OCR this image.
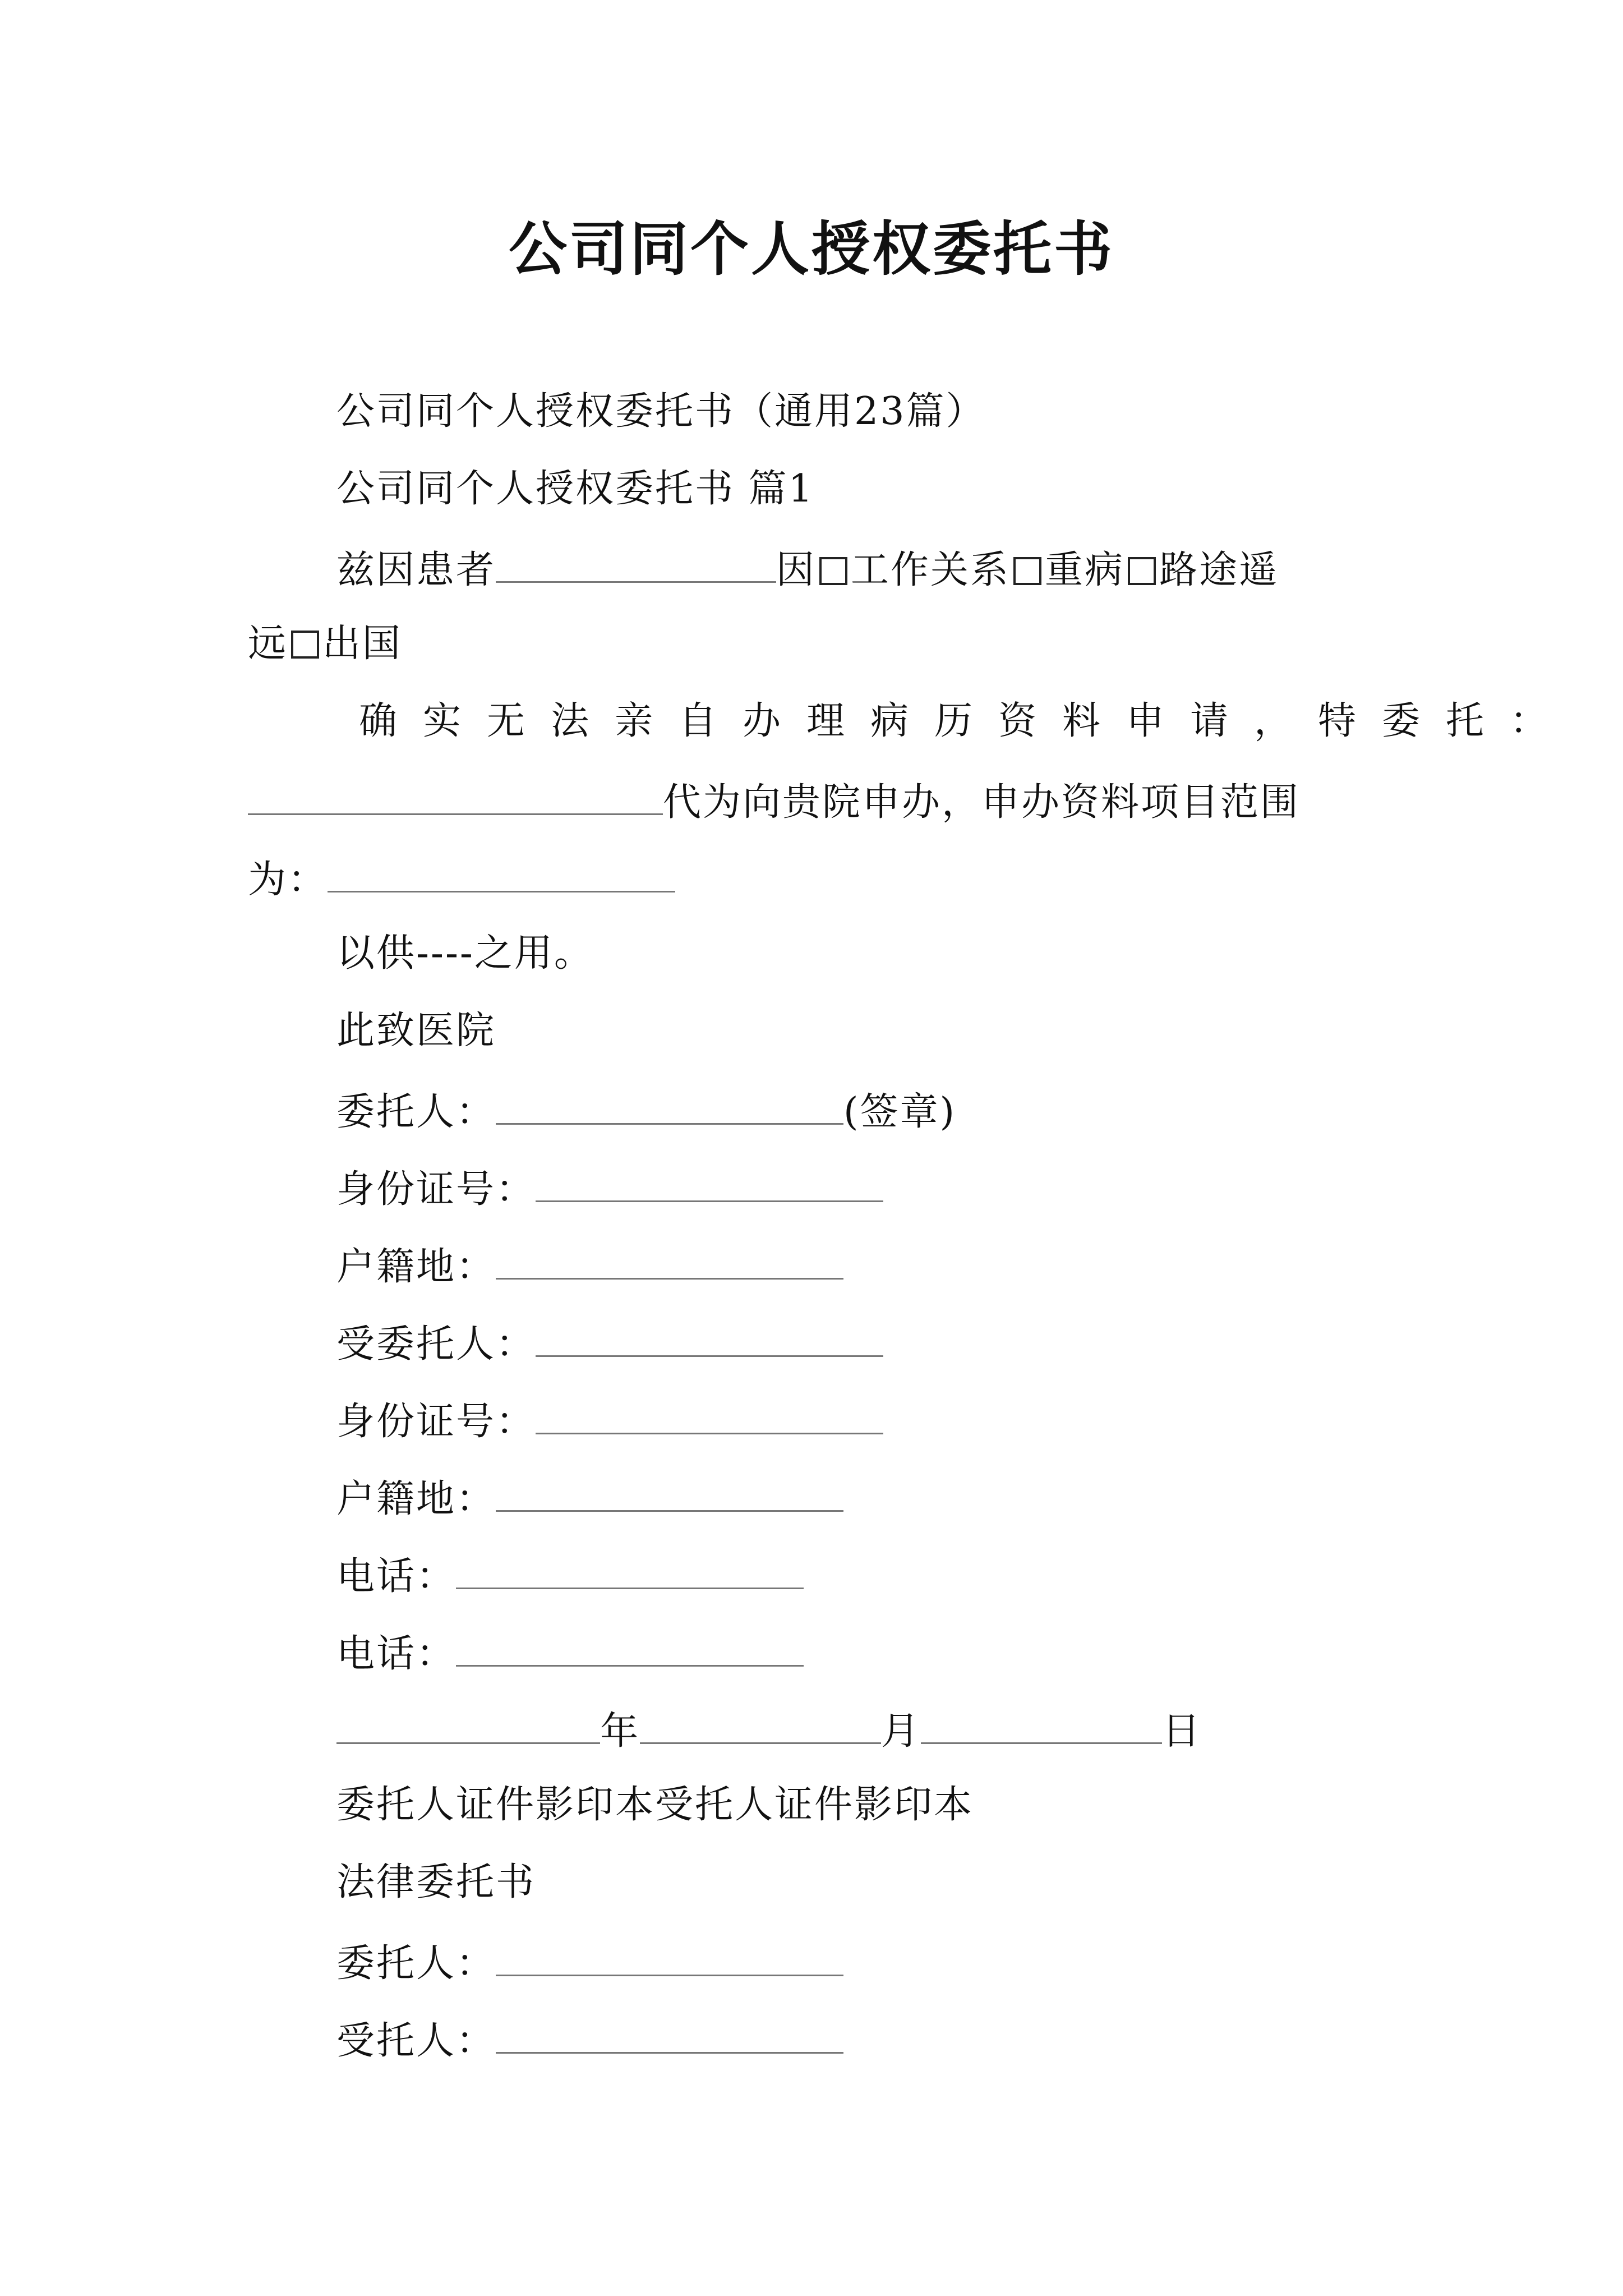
公司同个人授权委托书
公司同个人授权委托书（通用23篇）
公司同个人授权委托书 篇1
兹因患者	因 工作关系 重病 路途遥
远 出国
确实无法亲自办理病历资料申请，特委托：
代为向贵院申办，申办资料项目范围
为：
以供----之用。
此致医院
委托人：	(签章)
身份证号：
户籍地：
受委托人：
身份证号：
户籍地：
电话：
电话：
年	月	日
委托人证件影印本受托人证件影印本
法律委托书
委托人：
受托人：
